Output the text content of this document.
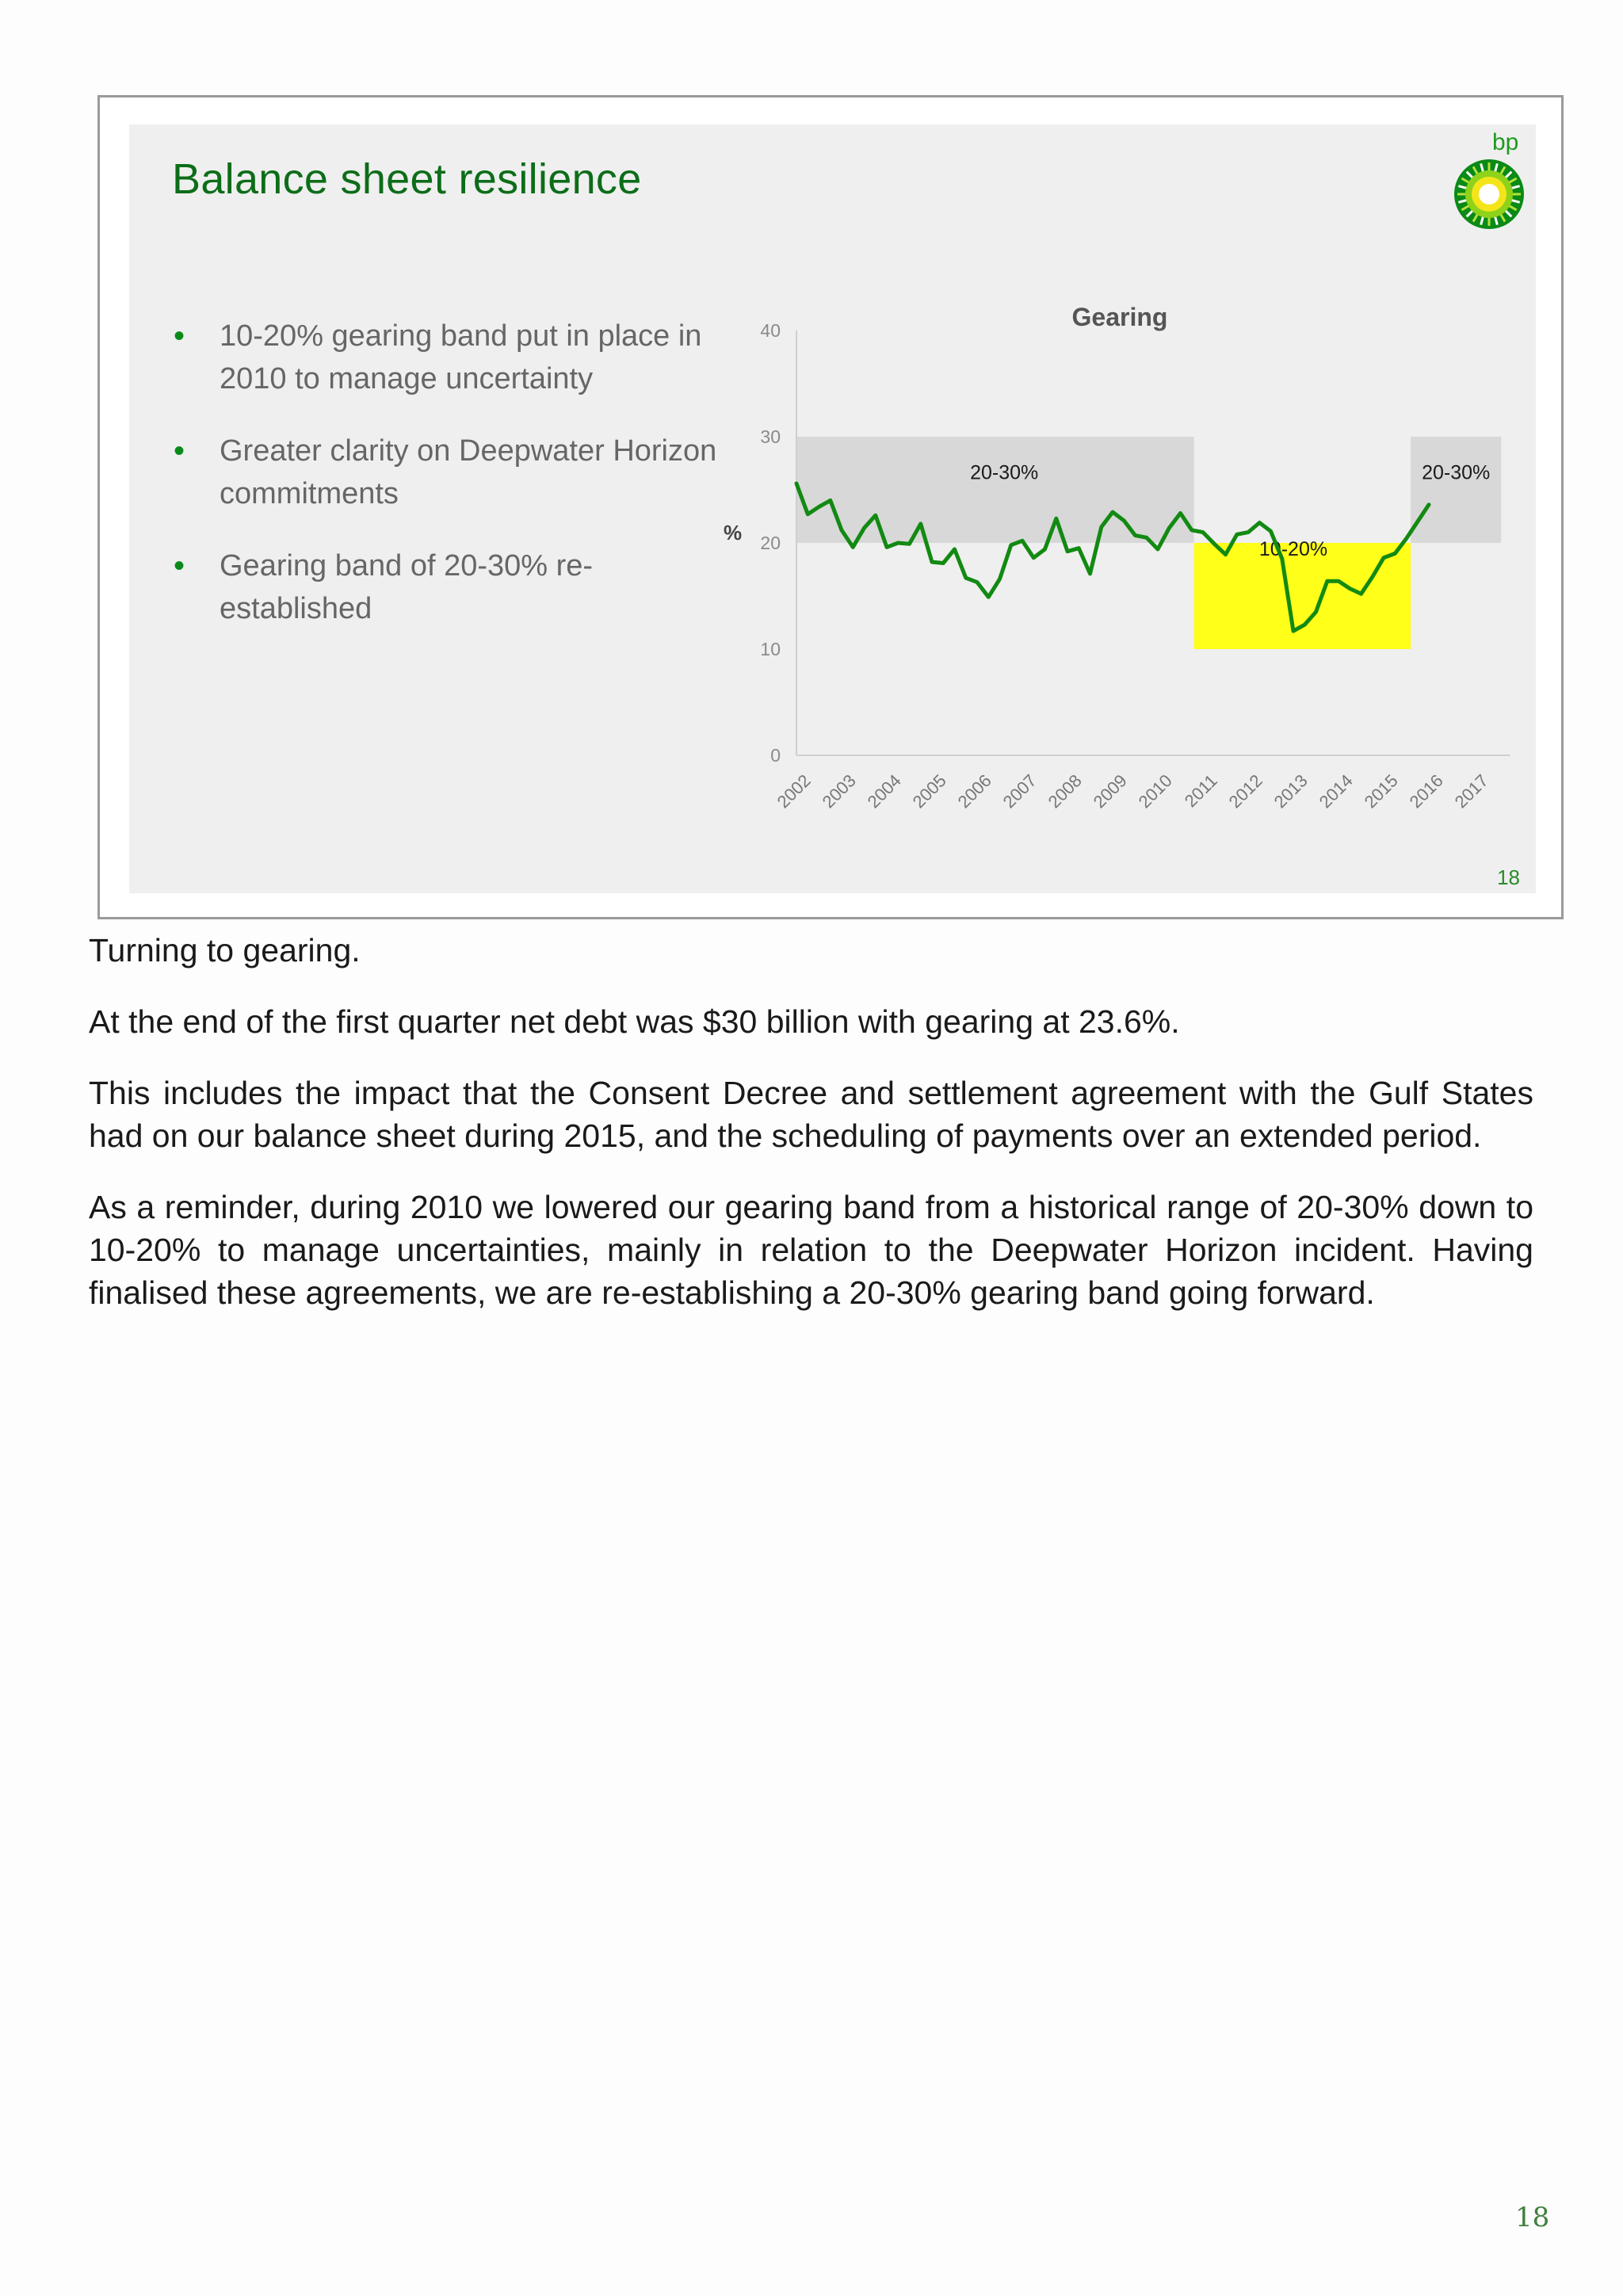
Balance sheet resilience
bp
• 10-20% gearing band put in place in 2010 to manage uncertainty
• Greater clarity on Deepwater Horizon commitments
• Gearing band of 20-30% re-established
0
10
20
30
40
%
Gearing
2002 2003 2004 2005 2006 2007 2008 2009 2010 2011 2012 2013 2014 2015 2016 2017
20-30%
10-20%
20-30%
18

Turning to gearing.

At the end of the first quarter net debt was $30 billion with gearing at 23.6%.

This includes the impact that the Consent Decree and settlement agreement with the Gulf States had on our balance sheet during 2015, and the scheduling of payments over an extended period.

As a reminder, during 2010 we lowered our gearing band from a historical range of 20-30% down to 10-20% to manage uncertainties, mainly in relation to the Deepwater Horizon incident. Having finalised these agreements, we are re-establishing a 20-30% gearing band going forward.

18
